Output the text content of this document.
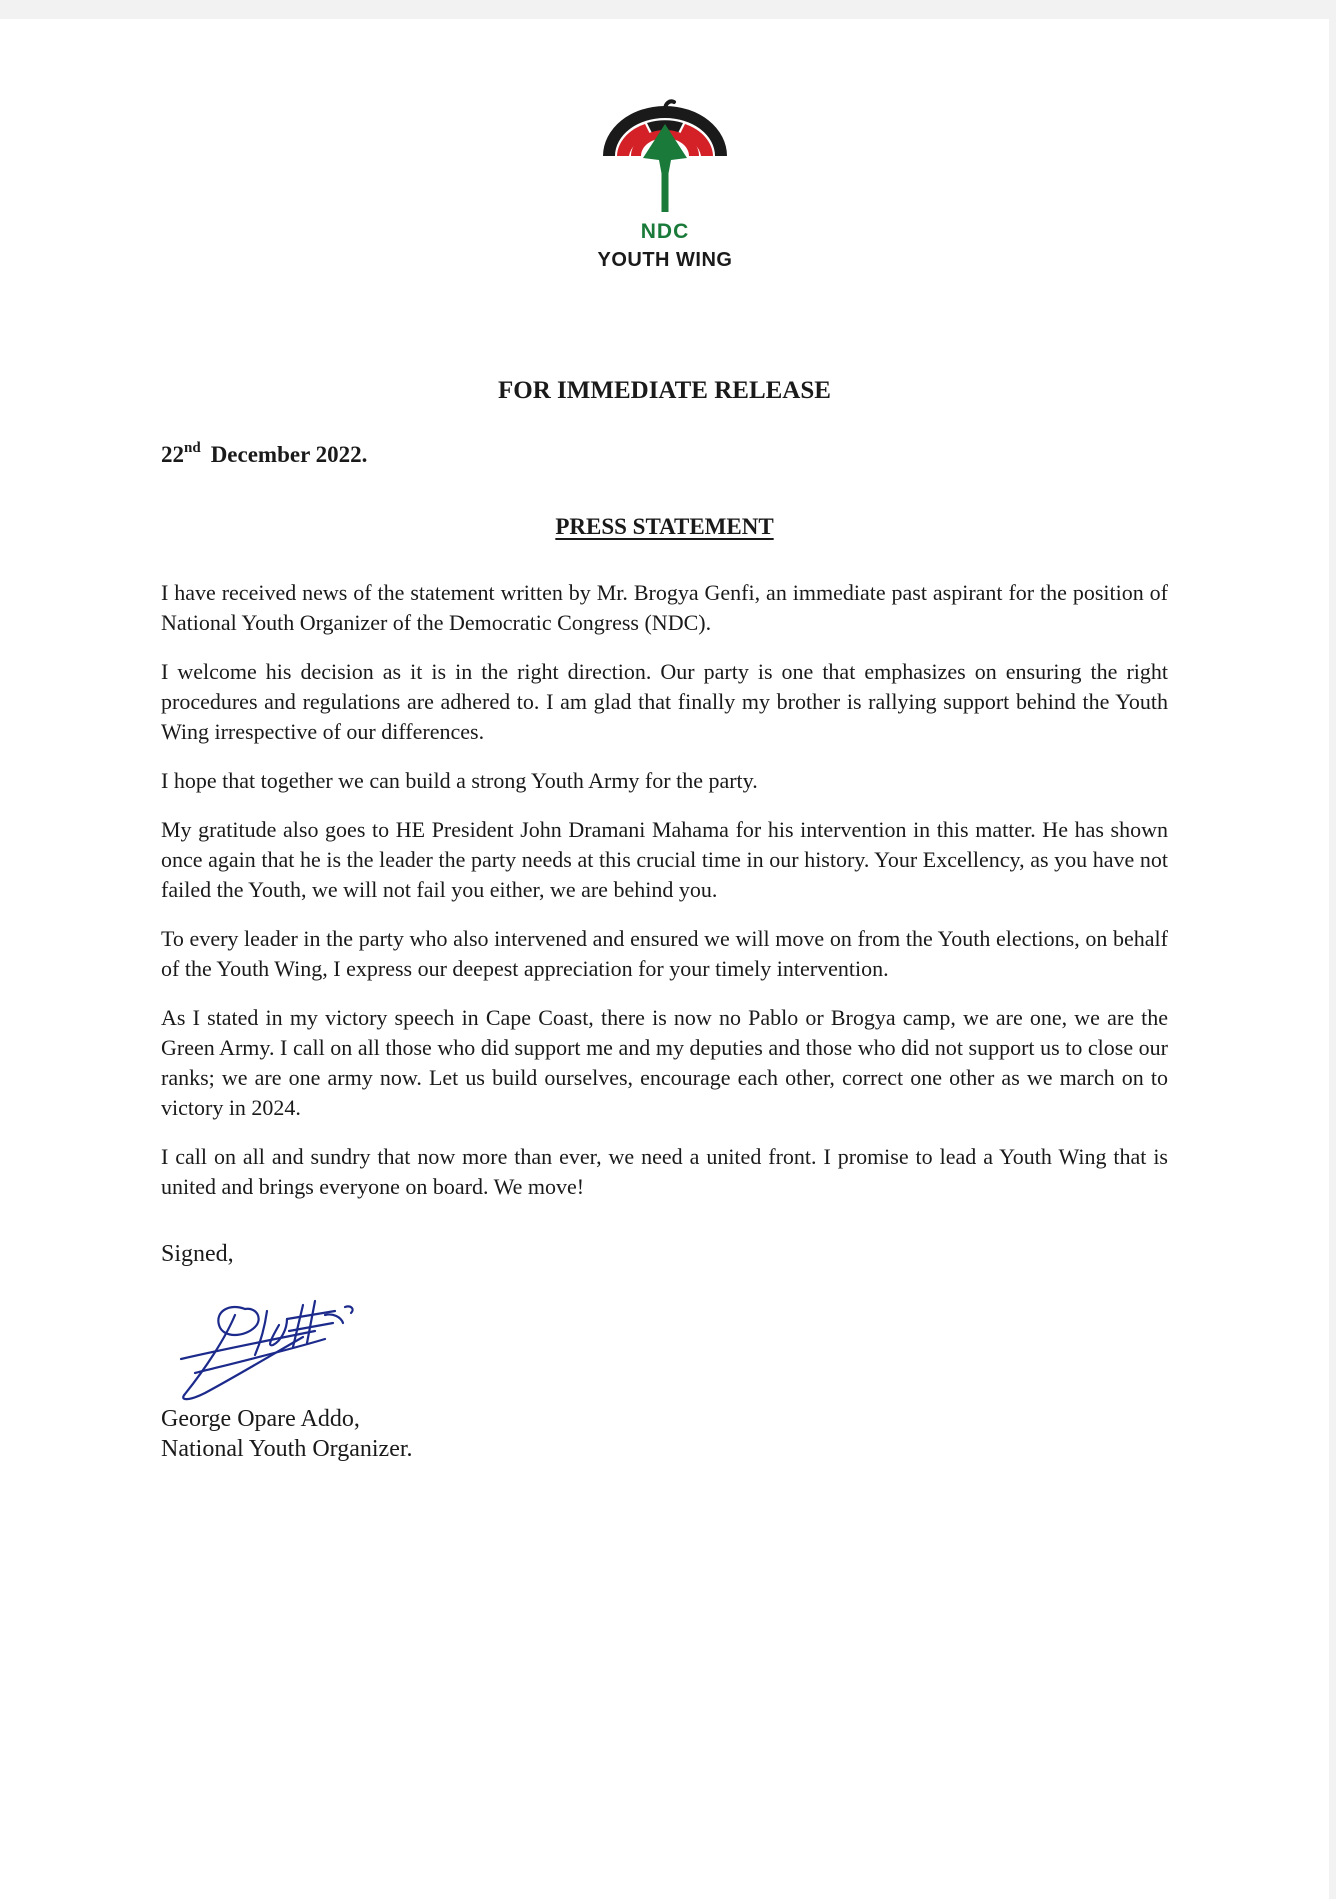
NDC
YOUTH WING
FOR IMMEDIATE RELEASE
22nd December 2022.
PRESS STATEMENT

I have received news of the statement written by Mr. Brogya Genfi, an immediate past aspirant for the position of National Youth Organizer of the Democratic Congress (NDC).

I welcome his decision as it is in the right direction. Our party is one that emphasizes on ensuring the right procedures and regulations are adhered to. I am glad that finally my brother is rallying support behind the Youth Wing irrespective of our differences.

I hope that together we can build a strong Youth Army for the party.

My gratitude also goes to HE President John Dramani Mahama for his intervention in this matter. He has shown once again that he is the leader the party needs at this crucial time in our history. Your Excellency, as you have not failed the Youth, we will not fail you either, we are behind you.

To every leader in the party who also intervened and ensured we will move on from the Youth elections, on behalf of the Youth Wing, I express our deepest appreciation for your timely intervention.

As I stated in my victory speech in Cape Coast, there is now no Pablo or Brogya camp, we are one, we are the Green Army. I call on all those who did support me and my deputies and those who did not support us to close our ranks; we are one army now. Let us build ourselves, encourage each other, correct one other as we march on to victory in 2024.

I call on all and sundry that now more than ever, we need a united front. I promise to lead a Youth Wing that is united and brings everyone on board. We move!

Signed,
George Opare Addo,
National Youth Organizer.
